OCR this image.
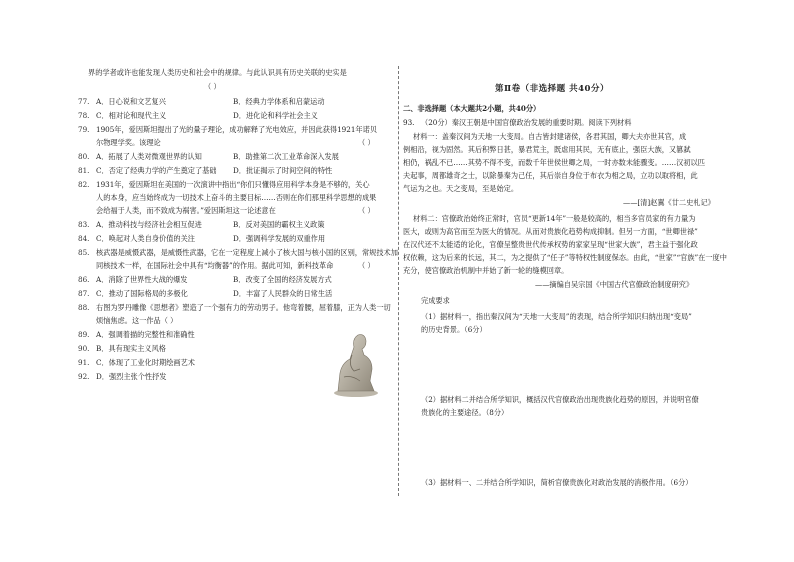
界的学者或许也能发现人类历史和社会中的规律。与此认识具有历史关联的史实是
（ ）
77. A．日心说和文艺复兴	B．经典力学体系和启蒙运动
78. C．相对论和现代主义	D．进化论和科学社会主义
79. 1905年，爱因斯坦提出了光的量子理论，成功解释了光电效应，并因此获得1921年诺贝
尔物理学奖。该理论	（ ）
80. A．拓展了人类对微观世界的认知	B．助推第二次工业革命深入发展
81. C．否定了经典力学的产生奠定了基础 D．批证揭示了时间空间的特性
82. 1931年，爱因斯坦在美国的一次演讲中指出“你们只懂得应用科学本身是不够的，关心
人的本身，应当始终成为一切技术上奋斗的主要目标……否则在你们那里科学思想的成果
会给福于人类，而不致成为祸害。”爱因斯坦这一论述意在	（ ）
83. A．推动科技与经济社会相互促进	B．反对美国的霸权主义政策
84. C．唤起对人类自身价值的关注	D．强调科学发展的双重作用
85. 核武器是威慑武器，是威慑性武器，它在一定程度上减小了核大国与核小国的区别，常规技术加
同核技术一样，在国际社会中具有“均衡器”的作用。据此可知，新科技革命	（ ）
86. A．消除了世界性大战的爆发	B．改变了全国的经济发展方式
87. C．推动了国际格局的多极化	D．丰富了人民群众的日常生活
88. 右图为罗丹雕像《思想者》塑造了一个强有力的劳动男子。他弯着腰，屈着膝，正为人类一切
烦恼焦虑。这一作品（ ）
89. A．强调着描的完整性和准确性
90. B．具有现实主义风格
91. C．体现了工业化时期绘画艺术
92. D．强烈主张个性抒发
第Ⅱ卷（非选择题 共40分）
二、非选择题（本大题共2小题，共40分）
93. （20分）秦汉王朝是中国官僚政治发展的重要时期。阅读下列材料
材料一：盖秦汉间为天地一大变局。自古皆封建诸侯，各君其国，卿大夫亦世其官，成
例相沿，视为固然。其后积弊日甚，暴君荒主，既虐用其民，无有底止，强臣大族，又篡弑
相仍，祸乱不已……其势不得不变，而数千年世侯世卿之局，一时亦数未能骤变。……汉初以匹
夫起事，周都雄奇之士，以除暴秦为己任，其后崇自身位于布衣为相之局，立功以取将相，此
气运为之也。天之变局，至是始定。
——[清]赵翼《廿二史札记》
材料二：官僚政治始终正常时，官员“更新14年”一般是较高的，相当多官员家的有力量为
医大，或则为高官而至为医大的情况。从而对贵族化趋势构成抑制。但另一方面，“世卿世禄”
在汉代还不太能适的论化，官僚呈整贵世代传承权势的家家呈现“世家大族”，君主益于强化政
权依赖，这为后来的长远，其二，为之提供了“任子”等特权性制度保态。由此，“世家”“官族”在一度中
充分，使官僚政治机制中并始了新一轮的缝模回章。
——摘编自吴宗国《中国古代官僚政治制度研究》
完成要求
（1）据材料一，指出秦汉间为“天地一大变局”的表现，结合所学知识归纳出现“变局”
的历史背景。（6分）
（2）据材料二并结合所学知识，概括汉代官僚政治出现贵族化趋势的原因，并说明官僚
贵族化的主要途径。（8分）
（3）据材料一、二并结合所学知识，简析官僚贵族化对政治发展的消极作用。（6分）
